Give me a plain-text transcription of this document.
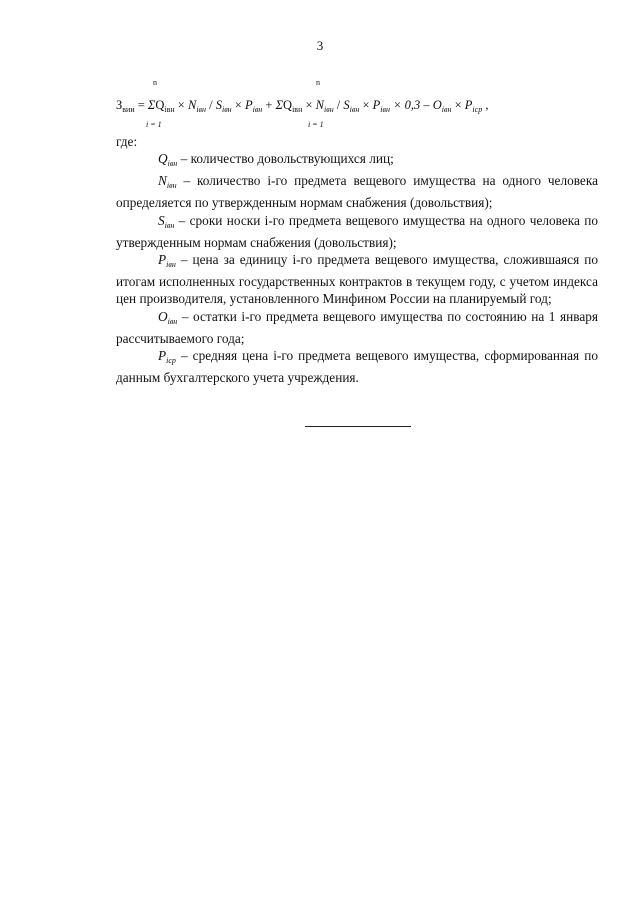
3
n	n
$З_{вии} = \Sigma Q_{iвн} \times N_{iвн} / S_{iвн} \times P_{iвн} + \Sigma Q_{iвн} \times N_{iвн} / S_{iвн} \times P_{iвн} \times 0,3 - O_{iвн} \times P_{iср}$ ,
i = 1	i = 1
где:

$Q_{iвн}$ – количество довольствующихся лиц;

$N_{iвн}$ – количество i-го предмета вещевого имущества на одного человека определяется по утвержденным нормам снабжения (довольствия);

$S_{iвн}$ – сроки носки i-го предмета вещевого имущества на одного человека по утвержденным нормам снабжения (довольствия);

$P_{iвн}$ – цена за единицу i-го предмета вещевого имущества, сложившаяся по итогам исполненных государственных контрактов в текущем году, с учетом индекса цен производителя, установленного Минфином России на планируемый год;

$O_{iвн}$ – остатки i-го предмета вещевого имущества по состоянию на 1 января рассчитываемого года;

$P_{iср}$ – средняя цена i-го предмета вещевого имущества, сформированная по данным бухгалтерского учета учреждения.
